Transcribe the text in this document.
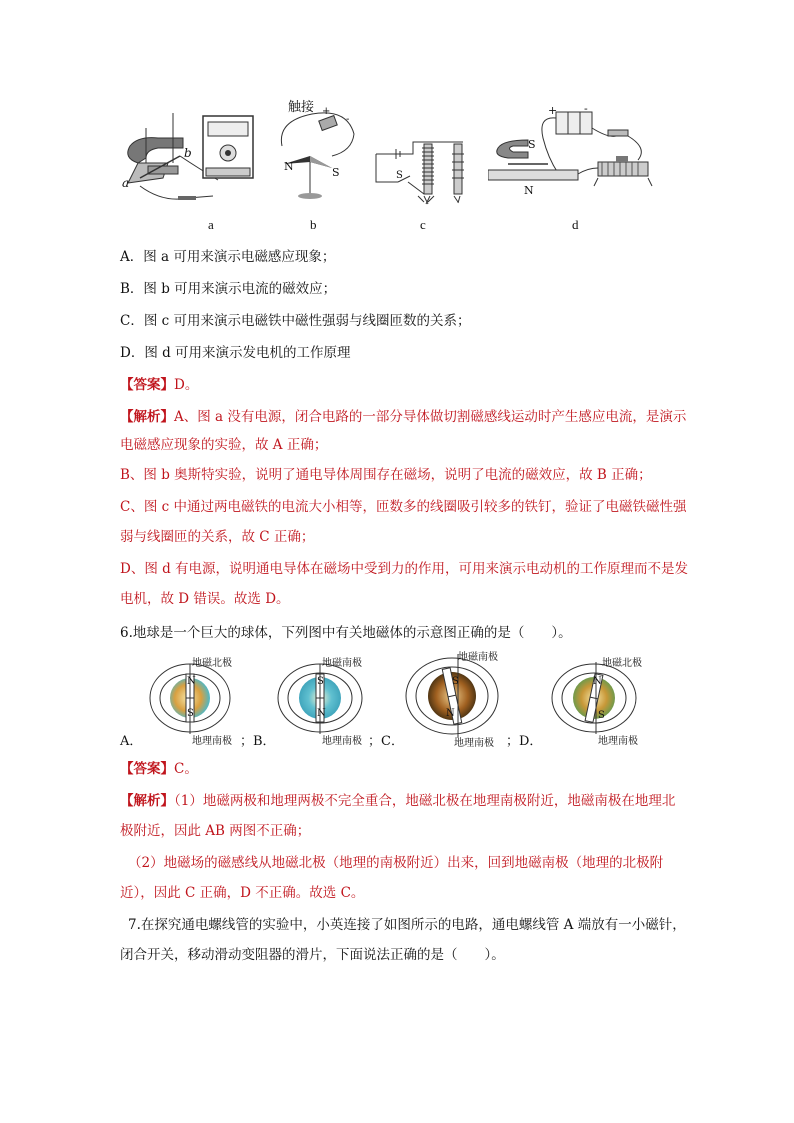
a
b
a
触接 +
-
N	S
b
S
c
+ -
S
N
d
A．图 a 可用来演示电磁感应现象；
B．图 b 可用来演示电流的磁效应；
C．图 c 可用来演示电磁铁中磁性强弱与线圈匝数的关系；
D．图 d 可用来演示发电机的工作原理
【答案】D。
【解析】A、图 a 没有电源，闭合电路的一部分导体做切割磁感线运动时产生感应电流，是演示
电磁感应现象的实验，故 A 正确；
B、图 b 奥斯特实验，说明了通电导体周围存在磁场，说明了电流的磁效应，故 B 正确；
C、图 c 中通过两电磁铁的电流大小相等，匝数多的线圈吸引较多的铁钉，验证了电磁铁磁性强
弱与线圈匝的关系，故 C 正确；
D、图 d 有电源，说明通电导体在磁场中受到力的作用，可用来演示电动机的工作原理而不是发
电机，故 D 错误。故选 D。
6.地球是一个巨大的球体，下列图中有关地磁体的示意图正确的是（　　）。
地磁北极
N
S
地理南极
地磁南极
S
N
地理南极
地磁南极
S
N
地理南极
地磁北极
N
S
地理南极
A．	；B．	；C．	；D．
【答案】C。
【解析】（1）地磁两极和地理两极不完全重合，地磁北极在地理南极附近，地磁南极在地理北
极附近，因此 AB 两图不正确；
（2）地磁场的磁感线从地磁北极（地理的南极附近）出来，回到地磁南极（地理的北极附
近），因此 C 正确，D 不正确。故选 C。
7.在探究通电螺线管的实验中，小英连接了如图所示的电路，通电螺线管 A 端放有一小磁针，
闭合开关，移动滑动变阻器的滑片，下面说法正确的是（　　）。
